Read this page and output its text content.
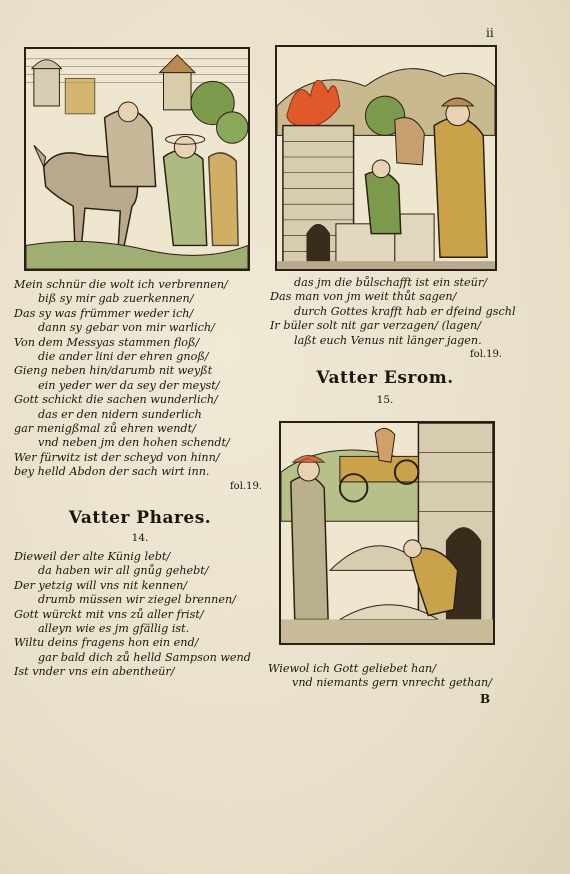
ii
Mein schnür die wolt ich verbrennen/
biß sy mir gab zuerkennen/
Das sy was frümmer weder ich/
dann sy gebar von mir warlich/
Von dem Messyas stammen floß/
die ander lini der ehren gnoß/
Gieng neben hin/darumb nit weyßt
ein yeder wer da sey der meyst/
Gott schickt die sachen wunderlich/
das er den nidern sunderlich
gar menigßmal zů ehren wendt/
vnd neben jm den hohen schendt/
Wer fürwitz ist der scheyd von hinn/
bey helld Abdon der sach wirt inn.
fol.19.
Vatter Phares.
14.
Dieweil der alte Künig lebt/
da haben wir all gnůg gehebt/
Der yetzig will vns nit kennen/
drumb müssen wir ziegel brennen/
Gott würckt mit vns zů aller frist/
alleyn wie es jm gfällig ist.
Wiltu deins fragens hon ein end/
gar bald dich zů helld Sampson wend
Ist vnder vns ein abentheür/
das jm die bůlschafft ist ein steür/
Das man von jm weit thůt sagen/
durch Gottes krafft hab er dfeind gschl
Ir büler solt nit gar verzagen/ (lagen/
laßt euch Venus nit länger jagen.
fol.19.
Vatter Esrom.
15.
Wiewol ich Gott geliebet han/
vnd niemants gern vnrecht gethan/
B
